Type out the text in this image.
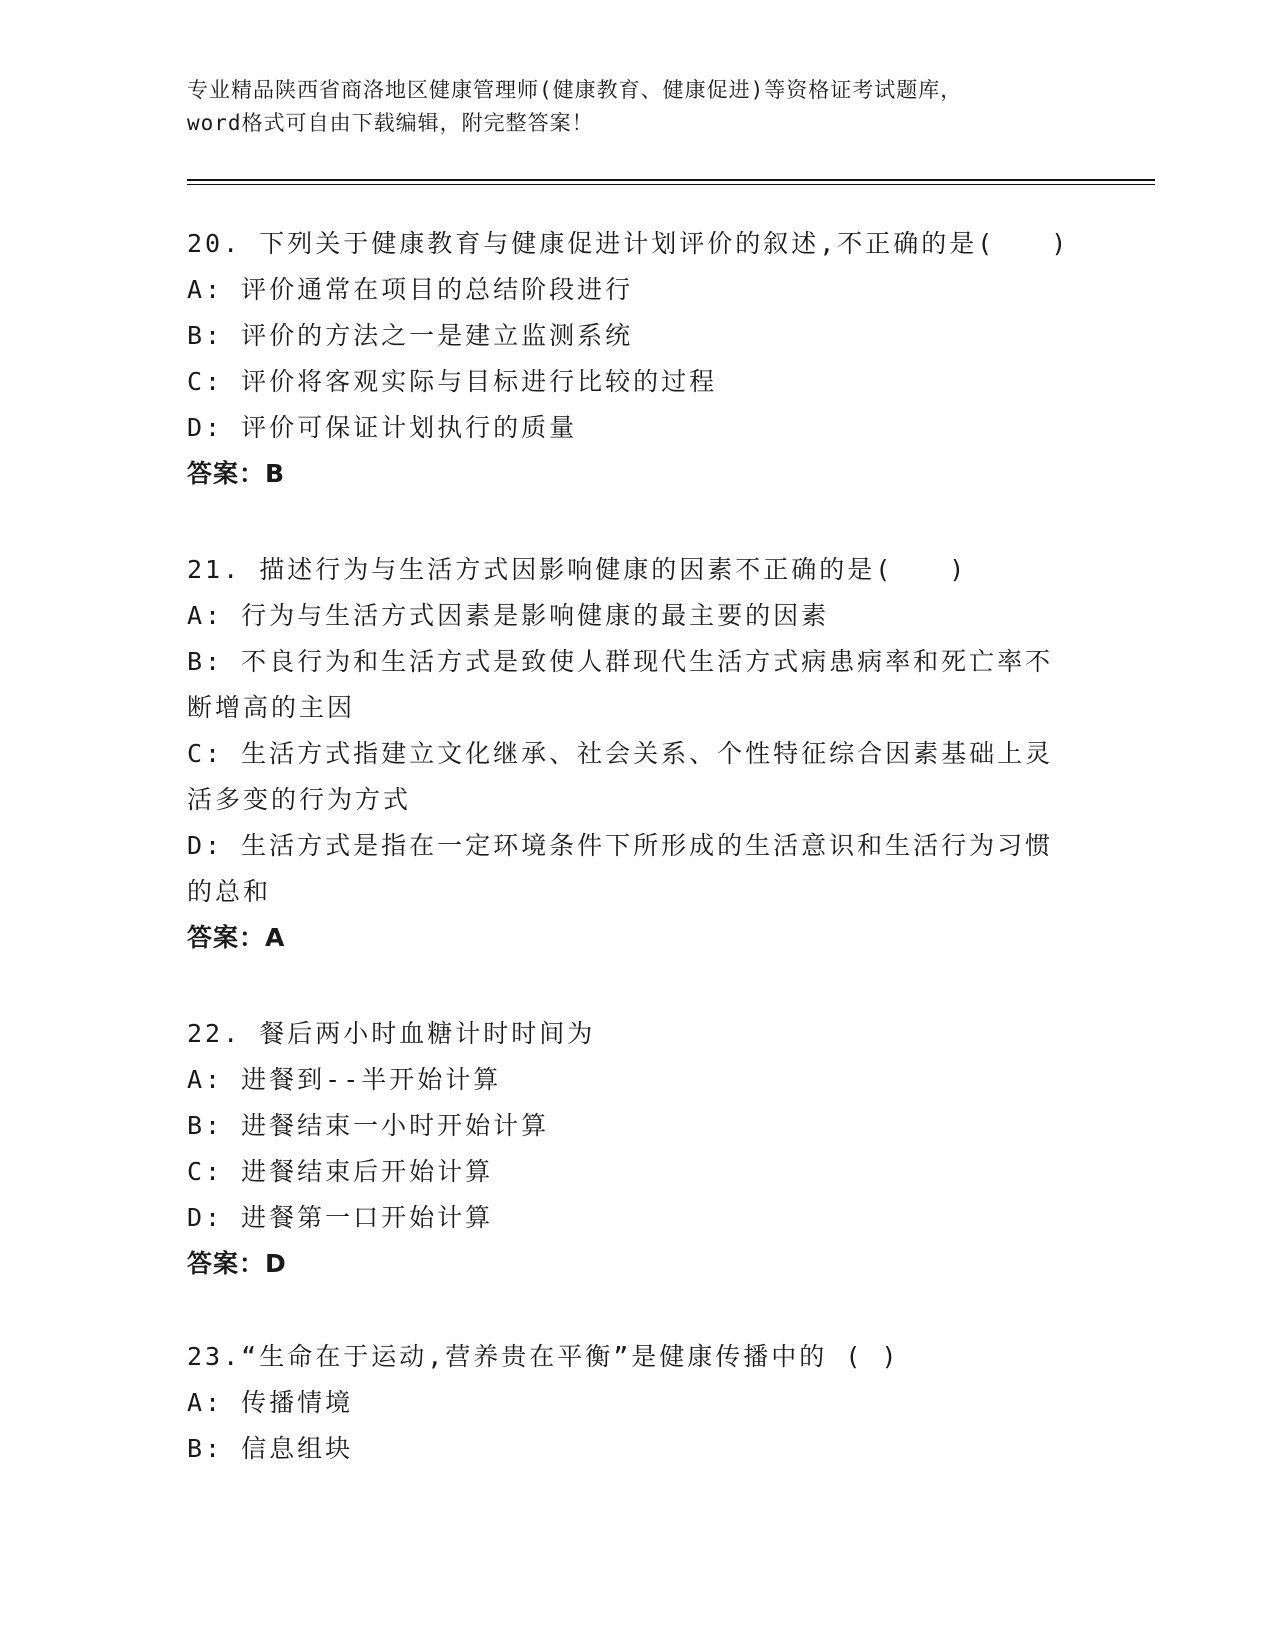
专业精品陕西省商洛地区健康管理师(健康教育、健康促进)等资格证考试题库，
word格式可自由下载编辑，附完整答案！
20. 下列关于健康教育与健康促进计划评价的叙述,不正确的是(　　)
A: 评价通常在项目的总结阶段进行
B: 评价的方法之一是建立监测系统
C: 评价将客观实际与目标进行比较的过程
D: 评价可保证计划执行的质量
答案：B
21. 描述行为与生活方式因影响健康的因素不正确的是(　　)
A: 行为与生活方式因素是影响健康的最主要的因素
B: 不良行为和生活方式是致使人群现代生活方式病患病率和死亡率不
断增高的主因
C: 生活方式指建立文化继承、社会关系、个性特征综合因素基础上灵
活多变的行为方式
D: 生活方式是指在一定环境条件下所形成的生活意识和生活行为习惯
的总和
答案：A
22. 餐后两小时血糖计时时间为
A: 进餐到--半开始计算
B: 进餐结束一小时开始计算
C: 进餐结束后开始计算
D: 进餐第一口开始计算
答案：D
23.“生命在于运动,营养贵在平衡”是健康传播中的 ( )
A: 传播情境
B: 信息组块
